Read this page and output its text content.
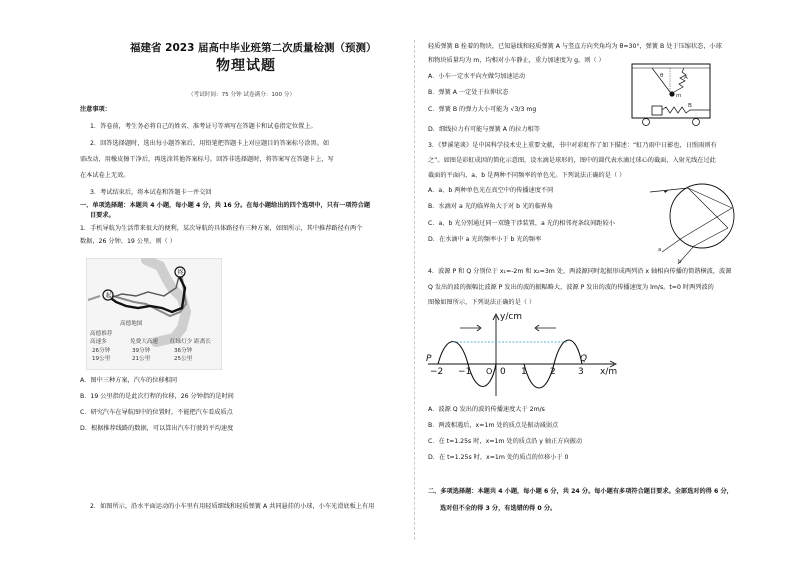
福建省 2023 届高中毕业班第二次质量检测（预测）
物理试题
（考试时间：75 分钟 试卷满分：100 分）
注意事项：
1．答卷前，考生务必将自己的姓名、准考证号等填写在答题卡和试卷指定位置上。
2．回答选择题时，选出每小题答案后，用铅笔把答题卡上对应题目的答案标号涂黑。如
需改动，用橡皮擦干净后，再选涂其他答案标号。回答非选择题时，将答案写在答题卡上，写
在本试卷上无效。
3．考试结束后，将本试卷和答题卡一并交回
一、单项选择题：本题共 4 小题，每小题 4 分，共 16 分。在每小题给出的四个选项中，只有一项符合题
目要求。
1．手机导航为生活带来很大的便利，某次导航的具体路径有三种方案，如图所示，其中推荐路径有两个
数据，26 分钟、19 公里，则（ ）
起
终
高德地图
高德推荐
高速多
26分钟
19公里
免费大高速
39分钟
21公里
红绿灯少 距离长
36分钟
25公里
A．图中三种方案，汽车的位移相同
B．19 公里指的是此次行程的位移，26 分钟指的是时间
C．研究汽车在导航图中的位置时，不能把汽车看成质点
D．根据推荐线路的数据，可以算出汽车行驶的平均速度
2．如图所示，沿水平面运动的小车里有用轻质细线和轻质弹簧 A 共同悬挂的小球，小车光滑底板上有用
轻质弹簧 B 拴着的物块，已知悬线和轻质弹簧 A 与竖直方向夹角均为 θ=30°，弹簧 B 处于压缩状态，小球
和物块质量均为 m，均相对小车静止，重力加速度为 g，则（ ）
A．小车一定水平向左做匀加速运动
B．弹簧 A 一定处于拉伸状态
C．弹簧 B 的弹力大小可能为 √3/3 mg
D．细线拉力有可能与弹簧 A 的拉力相等
θ	A
m
B
3．《梦溪笔谈》是中国科学技术史上重要文献，书中对彩虹作了如下描述：“虹乃雨中日影也，日照雨则有
之”。如图是彩虹成因的简化示意图，设水滴是球形的，图中的圆代表水滴过球心的截面，入射光线在过此
截面的平面内，a、b 是两种不同频率的单色光。下列说法正确的是（ ）
A．a、b 两种单色光在真空中的传播速度不同
B．水滴对 a 光的临界角大于对 b 光的临界角
C．a、b 光分别通过同一双缝干涉装置，a 光的相邻亮条纹间距较小
D．在水滴中 a 光的频率小于 b 光的频率
a
b
4．波源 P 和 Q 分别位于 x₁=-2m 和 x₂=3m 处，两波源同时起振形成两列沿 x 轴相向传播的简谐横波，波源
Q 发出的波的振幅比波源 P 发出的波的振幅略大，波源 P 发出的波的传播速度为 lm/s。t=0 时两列波的
图像如图所示，下列说法正确的是（ ）
y/cm
x/m
P	Q
−2 −1	0 1	2 3
O
A．波源 Q 发出的波的传播速度大于 2m/s
B．两波相遇后，x=1m 处的质点是振动减弱点
C．在 t=1.25s 时，x=1m 处的质点沿 y 轴正方向振动
D．在 t=1.25s 时，x=1m 处的质点的位移小于 0
二、多项选择题：本题共 4 小题，每小题 6 分，共 24 分。每小题有多项符合题目要求。全部选对的得 6 分，
选对但不全的得 3 分，有选错的得 0 分。
